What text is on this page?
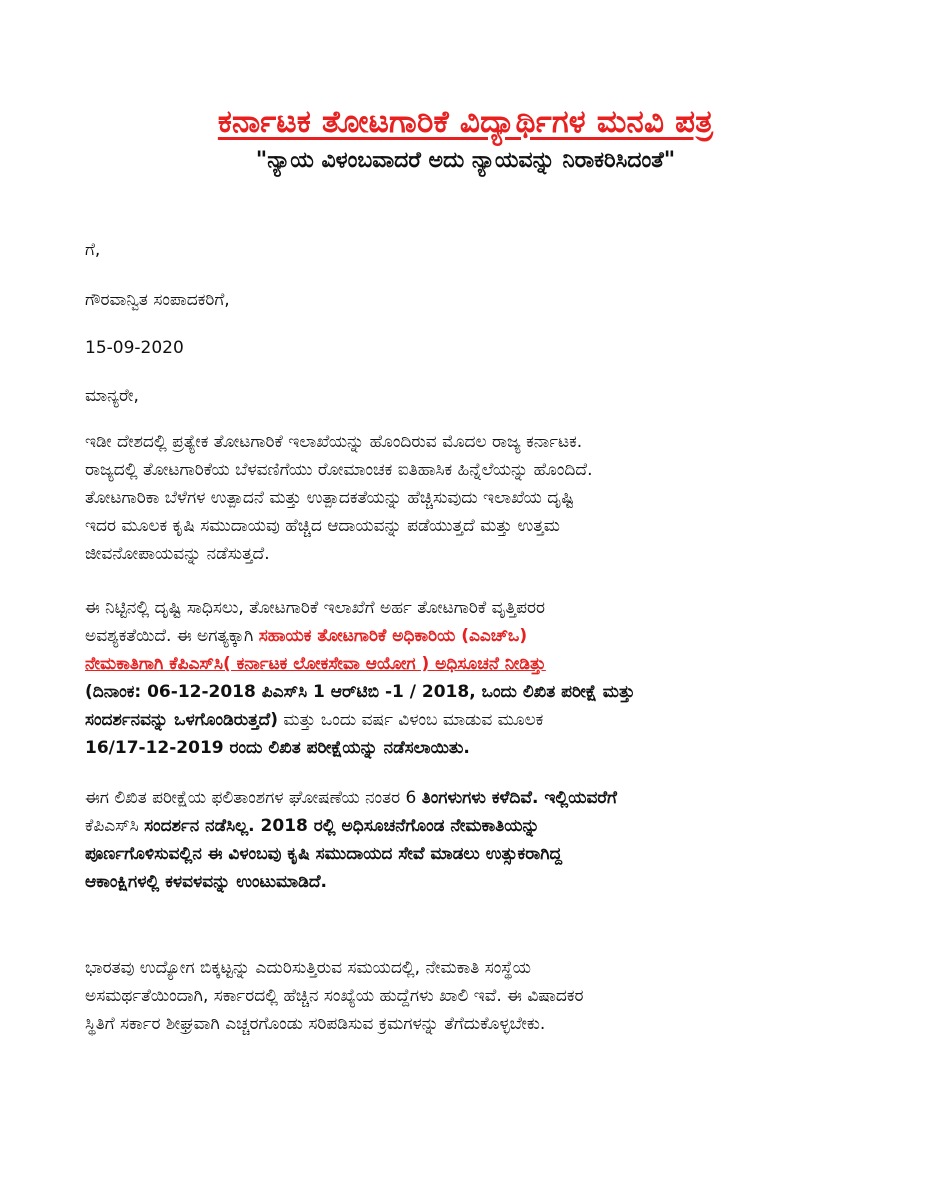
ಕರ್ನಾಟಕ ತೋಟಗಾರಿಕೆ ವಿದ್ಯಾರ್ಥಿಗಳ ಮನವಿ ಪತ್ರ
"ನ್ಯಾಯ ವಿಳಂಬವಾದರೆ ಅದು ನ್ಯಾಯವನ್ನು ನಿರಾಕರಿಸಿದಂತೆ"

ಗೆ,

ಗೌರವಾನ್ವಿತ ಸಂಪಾದಕರಿಗೆ,

15-09-2020

ಮಾನ್ಯರೇ,

ಇಡೀ ದೇಶದಲ್ಲಿ ಪ್ರತ್ಯೇಕ ತೋಟಗಾರಿಕೆ ಇಲಾಖೆಯನ್ನು ಹೊಂದಿರುವ ಮೊದಲ ರಾಜ್ಯ ಕರ್ನಾಟಕ.
ರಾಜ್ಯದಲ್ಲಿ ತೋಟಗಾರಿಕೆಯ ಬೆಳವಣಿಗೆಯು ರೋಮಾಂಚಕ ಐತಿಹಾಸಿಕ ಹಿನ್ನೆಲೆಯನ್ನು ಹೊಂದಿದೆ.
ತೋಟಗಾರಿಕಾ ಬೆಳೆಗಳ ಉತ್ಪಾದನೆ ಮತ್ತು ಉತ್ಪಾದಕತೆಯನ್ನು ಹೆಚ್ಚಿಸುವುದು ಇಲಾಖೆಯ ದೃಷ್ಟಿ
ಇದರ ಮೂಲಕ ಕೃಷಿ ಸಮುದಾಯವು ಹೆಚ್ಚಿದ ಆದಾಯವನ್ನು ಪಡೆಯುತ್ತದೆ ಮತ್ತು ಉತ್ತಮ
ಜೀವನೋಪಾಯವನ್ನು ನಡೆಸುತ್ತದೆ.
ಈ ನಿಟ್ಟಿನಲ್ಲಿ ದೃಷ್ಟಿ ಸಾಧಿಸಲು, ತೋಟಗಾರಿಕೆ ಇಲಾಖೆಗೆ ಅರ್ಹ ತೋಟಗಾರಿಕೆ ವೃತ್ತಿಪರರ
ಅವಶ್ಯಕತೆಯಿದೆ. ಈ ಅಗತ್ಯಕ್ಕಾಗಿ ಸಹಾಯಕ ತೋಟಗಾರಿಕೆ ಅಧಿಕಾರಿಯ (ಎಎಚ್‌ಒ)
ನೇಮಕಾತಿಗಾಗಿ ಕೆಪಿಎಸ್‌ಸಿ( ಕರ್ನಾಟಕ ಲೋಕಸೇವಾ ಆಯೋಗ ) ಅಧಿಸೂಚನೆ ನೀಡಿತ್ತು
(ದಿನಾಂಕ: 06-12-2018 ಪಿಎಸ್‌ಸಿ 1 ಆರ್‌ಟಿಬಿ -1 / 2018, ಒಂದು ಲಿಖಿತ ಪರೀಕ್ಷೆ ಮತ್ತು
ಸಂದರ್ಶನವನ್ನು ಒಳಗೊಂಡಿರುತ್ತದೆ) ಮತ್ತು ಒಂದು ವರ್ಷ ವಿಳಂಬ ಮಾಡುವ ಮೂಲಕ
16/17-12-2019 ರಂದು ಲಿಖಿತ ಪರೀಕ್ಷೆಯನ್ನು ನಡೆಸಲಾಯಿತು.
ಈಗ ಲಿಖಿತ ಪರೀಕ್ಷೆಯ ಫಲಿತಾಂಶಗಳ ಘೋಷಣೆಯ ನಂತರ 6 ತಿಂಗಳುಗಳು ಕಳೆದಿವೆ. ಇಲ್ಲಿಯವರೆಗೆ
ಕೆಪಿಎಸ್‌ಸಿ ಸಂದರ್ಶನ ನಡೆಸಿಲ್ಲ. 2018 ರಲ್ಲಿ ಅಧಿಸೂಚನೆಗೊಂಡ ನೇಮಕಾತಿಯನ್ನು
ಪೂರ್ಣಗೊಳಿಸುವಲ್ಲಿನ ಈ ವಿಳಂಬವು ಕೃಷಿ ಸಮುದಾಯದ ಸೇವೆ ಮಾಡಲು ಉತ್ಸುಕರಾಗಿದ್ದ
ಆಕಾಂಕ್ಷಿಗಳಲ್ಲಿ ಕಳವಳವನ್ನು ಉಂಟುಮಾಡಿದೆ.
ಭಾರತವು ಉದ್ಯೋಗ ಬಿಕ್ಕಟ್ಟನ್ನು ಎದುರಿಸುತ್ತಿರುವ ಸಮಯದಲ್ಲಿ, ನೇಮಕಾತಿ ಸಂಸ್ಥೆಯ
ಅಸಮರ್ಥತೆಯಿಂದಾಗಿ, ಸರ್ಕಾರದಲ್ಲಿ ಹೆಚ್ಚಿನ ಸಂಖ್ಯೆಯ ಹುದ್ದೆಗಳು ಖಾಲಿ ಇವೆ. ಈ ವಿಷಾದಕರ
ಸ್ಥಿತಿಗೆ ಸರ್ಕಾರ ಶೀಘ್ರವಾಗಿ ಎಚ್ಚರಗೊಂಡು ಸರಿಪಡಿಸುವ ಕ್ರಮಗಳನ್ನು ತೆಗೆದುಕೊಳ್ಳಬೇಕು.
